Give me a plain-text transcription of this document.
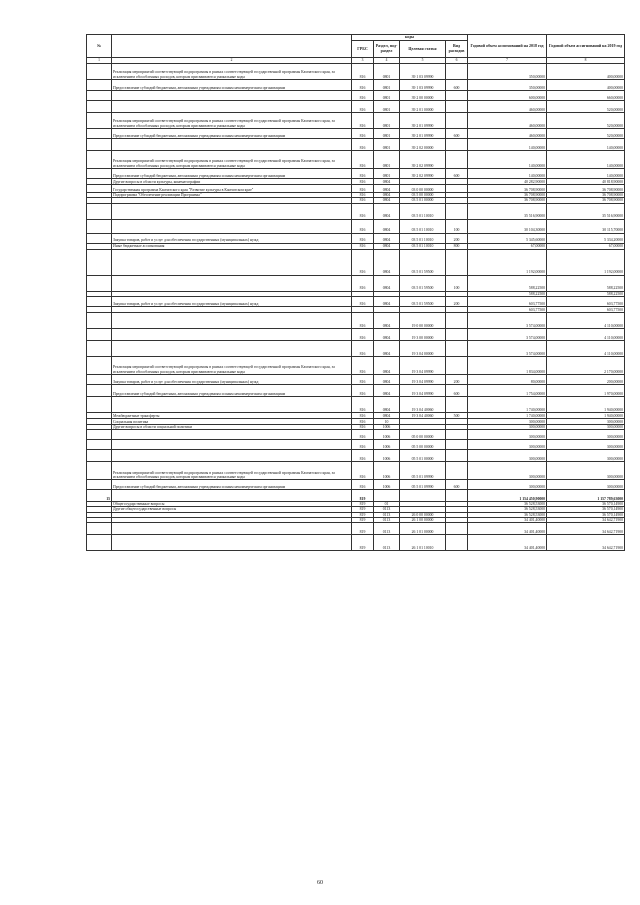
№		коды				Годовой объем ассигнований на 2018 год	Годовой объем ассигнований на 2019 год
		ГРБС	Раздел, под- раздел	Целевая статья	Вид расходов		
1	2	3	4	5	6	7	8
	Реализация мероприятий соответствующей подпрограммы в рамках соответствующей государственной программы Камчатского края, за исключением обособленных расходов, которым присваиваются уникальные коды	816	0801	39 1 03 09990		350,00000	400,00000
	Предоставление субсидий бюджетным, автономным учреждениям и иным некоммерческим организациям	816	0801	39 1 03 09990	600	350,00000	400,00000
		816	0801	39 2 00 00000		600,00000	660,00000
		816	0801	39 2 01 00000		460,00000	520,00000
	Реализация мероприятий соответствующей подпрограммы в рамках соответствующей государственной программы Камчатского края, за исключением обособленных расходов, которым присваиваются уникальные коды	816	0801	39 2 01 09990		460,00000	520,00000
	Предоставление субсидий бюджетным, автономным учреждениям и иным некоммерческим организациям	816	0801	39 2 01 09990	600	460,00000	520,00000
		816	0801	39 2 02 00000		140,00000	140,00000
	Реализация мероприятий соответствующей подпрограммы в рамках соответствующей государственной программы Камчатского края, за исключением обособленных расходов, которым присваиваются уникальные коды	816	0801	39 2 02 09990		140,00000	140,00000
	Предоставление субсидий бюджетным, автономным учреждениям и иным некоммерческим организациям	816	0801	39 2 02 09990	600	140,00000	140,00000
	Другие вопросы в области культуры, кинематографии	816	0804			40 282,90000	40 818,90000
	Государственная программа Камчатского края "Развитие культуры в Камчатском крае"	816	0804	03 0 00 00000		36 708,90000	36 708,90000
	Подпрограмма "Обеспечение реализации Программы"	816	0804	03 5 00 00000		36 708,90000	36 708,90000
		816	0804	03 5 01 00000		36 708,90000	36 708,90000
		816	0804	03 5 01 10010		35 516,90000	35 516,90000
		816	0804	03 5 01 10010	100	30 104,30000	30 115,70000
	Закупка товаров, работ и услуг для обеспечения государственных (муниципальных) нужд	816	0804	03 5 01 10010	200	5 345,60000	5 334,20000
	Иные бюджетные ассигнования	816	0804	03 5 01 10010	800	67,00000	67,00000
		816	0804	03 5 01 59500		1 192,00000	1 192,00000
		816	0804	03 5 01 59500	100	588,22500	588,22500
						588,22500	588,22500
	Закупка товаров, работ и услуг для обеспечения государственных (муниципальных) нужд	816	0804	03 5 01 59500	200	603,77500	603,77500
						603,77500	603,77500
		816	0804	19 0 00 00000		3 574,00000	4 110,00000
		816	0804	19 3 00 00000		3 574,00000	4 110,00000
		816	0804	19 3 04 00000		3 574,00000	4 110,00000
	Реализация мероприятий соответствующей подпрограммы в рамках соответствующей государственной программы Камчатского края, за исключением обособленных расходов, которым присваиваются уникальные коды	816	0804	19 3 04 09990		1 834,00000	2 170,00000
	Закупка товаров, работ и услуг для обеспечения государственных (муниципальных) нужд	816	0804	19 3 04 09990	200	80,00000	200,00000
	Предоставление субсидий бюджетным, автономным учреждениям и иным некоммерческим организациям	816	0804	19 3 04 09990	600	1 754,00000	1 970,00000
		816	0804	19 3 04 40060		1 740,00000	1 940,00000
	Межбюджетные трансферты	816	0804	19 3 04 40060	500	1 740,00000	1 940,00000
	Социальная политика	816	10			300,00000	300,00000
	Другие вопросы в области социальной политики	816	1006			300,00000	300,00000
		816	1006	05 0 00 00000		300,00000	300,00000
		816	1006	05 5 00 00000		300,00000	300,00000
		816	1006	05 5 01 00000		300,00000	300,00000
	Реализация мероприятий соответствующей подпрограммы в рамках соответствующей государственной программы Камчатского края, за исключением обособленных расходов, которым присваиваются уникальные коды	816	1006	05 5 01 09990		300,00000	300,00000
	Предоставление субсидий бюджетным, автономным учреждениям и иным некоммерческим организациям	816	1006	05 5 01 09990	600	300,00000	300,00000
15		819				1 154 450,90000	1 157 789,63000
	Общегосударственные вопросы	819	01			36 528,53000	36 570,14900
	Другие общегосударственные вопросы	819	0113			36 528,53000	36 570,14900
		819	0113	26 0 00 00000		36 528,53000	36 570,14900
		819	0113	26 1 00 00000		34 401,40000	34 642,71900
		819	0113	26 1 01 00000		34 401,40000	34 642,71900
		819	0113	26 1 01 10010		34 401,40000	34 642,71900
60
